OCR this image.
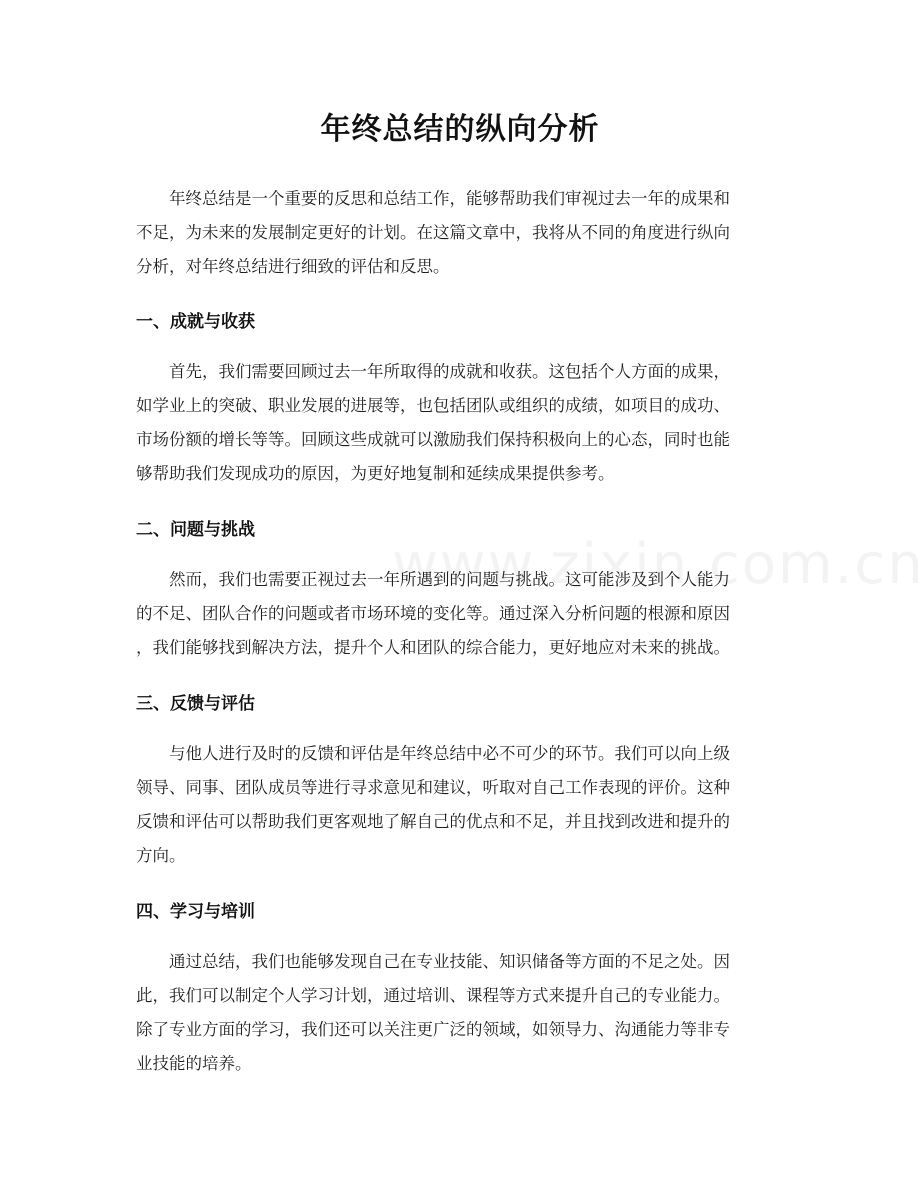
年终总结的纵向分析

年终总结是一个重要的反思和总结工作，能够帮助我们审视过去一年的成果和
不足，为未来的发展制定更好的计划。在这篇文章中，我将从不同的角度进行纵向
分析，对年终总结进行细致的评估和反思。

一、成就与收获

首先，我们需要回顾过去一年所取得的成就和收获。这包括个人方面的成果，
如学业上的突破、职业发展的进展等，也包括团队或组织的成绩，如项目的成功、
市场份额的增长等等。回顾这些成就可以激励我们保持积极向上的心态，同时也能
够帮助我们发现成功的原因，为更好地复制和延续成果提供参考。

二、问题与挑战

然而，我们也需要正视过去一年所遇到的问题与挑战。这可能涉及到个人能力
的不足、团队合作的问题或者市场环境的变化等。通过深入分析问题的根源和原因
，我们能够找到解决方法，提升个人和团队的综合能力，更好地应对未来的挑战。

三、反馈与评估

与他人进行及时的反馈和评估是年终总结中必不可少的环节。我们可以向上级
领导、同事、团队成员等进行寻求意见和建议，听取对自己工作表现的评价。这种
反馈和评估可以帮助我们更客观地了解自己的优点和不足，并且找到改进和提升的
方向。

四、学习与培训

通过总结，我们也能够发现自己在专业技能、知识储备等方面的不足之处。因
此，我们可以制定个人学习计划，通过培训、课程等方式来提升自己的专业能力。
除了专业方面的学习，我们还可以关注更广泛的领域，如领导力、沟通能力等非专
业技能的培养。
